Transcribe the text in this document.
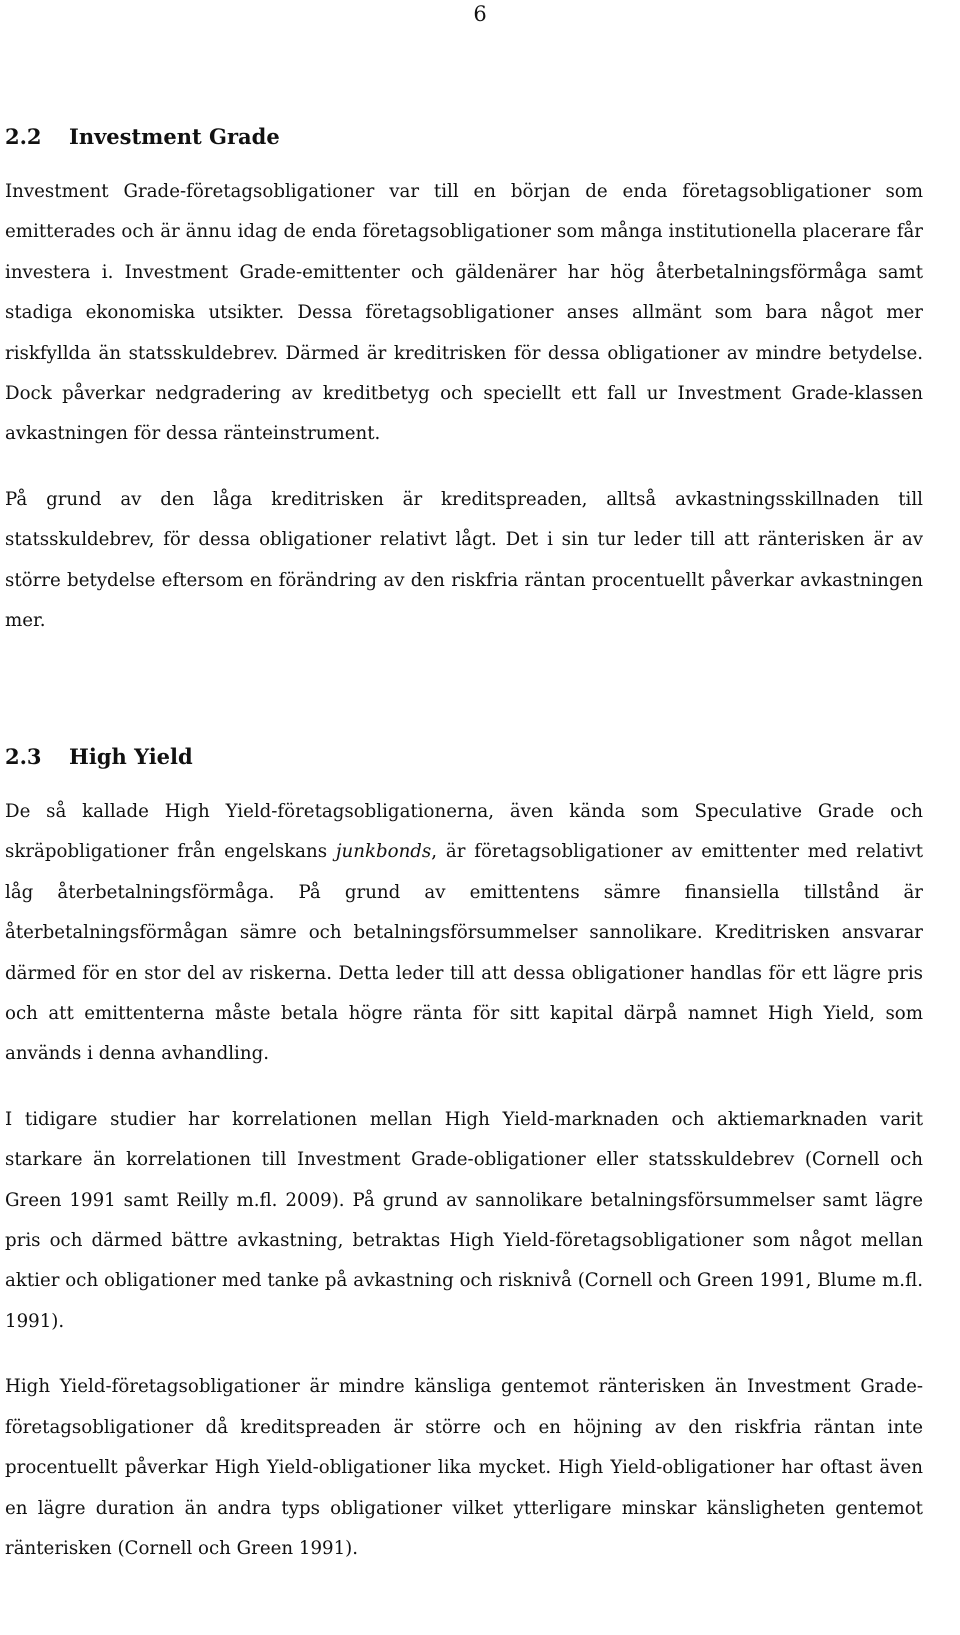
6
2.2 Investment Grade

Investment Grade-företagsobligationer var till en början de enda företagsobligationer som emitterades och är ännu idag de enda företagsobligationer som många institutionella placerare får investera i. Investment Grade-emittenter och gäldenärer har hög återbetalningsförmåga samt stadiga ekonomiska utsikter. Dessa företagsobligationer anses allmänt som bara något mer riskfyllda än statsskuldebrev. Därmed är kreditrisken för dessa obligationer av mindre betydelse. Dock påverkar nedgradering av kreditbetyg och speciellt ett fall ur Investment Grade-klassen avkastningen för dessa ränteinstrument.

På grund av den låga kreditrisken är kreditspreaden, alltså avkastningsskillnaden till statsskuldebrev, för dessa obligationer relativt lågt. Det i sin tur leder till att ränterisken är av större betydelse eftersom en förändring av den riskfria räntan procentuellt påverkar avkastningen mer.

2.3 High Yield

De så kallade High Yield-företagsobligationerna, även kända som Speculative Grade och skräpobligationer från engelskans junkbonds, är företagsobligationer av emittenter med relativt låg återbetalningsförmåga. På grund av emittentens sämre finansiella tillstånd är återbetalningsförmågan sämre och betalningsförsummelser sannolikare. Kreditrisken ansvarar därmed för en stor del av riskerna. Detta leder till att dessa obligationer handlas för ett lägre pris och att emittenterna måste betala högre ränta för sitt kapital därpå namnet High Yield, som används i denna avhandling.

I tidigare studier har korrelationen mellan High Yield-marknaden och aktiemarknaden varit starkare än korrelationen till Investment Grade-obligationer eller statsskuldebrev (Cornell och Green 1991 samt Reilly m.fl. 2009). På grund av sannolikare betalningsförsummelser samt lägre pris och därmed bättre avkastning, betraktas High Yield-företagsobligationer som något mellan aktier och obligationer med tanke på avkastning och risknivå (Cornell och Green 1991, Blume m.fl. 1991).

High Yield-företagsobligationer är mindre känsliga gentemot ränterisken än Investment Grade-företagsobligationer då kreditspreaden är större och en höjning av den riskfria räntan inte procentuellt påverkar High Yield-obligationer lika mycket. High Yield-obligationer har oftast även en lägre duration än andra typs obligationer vilket ytterligare minskar känsligheten gentemot ränterisken (Cornell och Green 1991).
